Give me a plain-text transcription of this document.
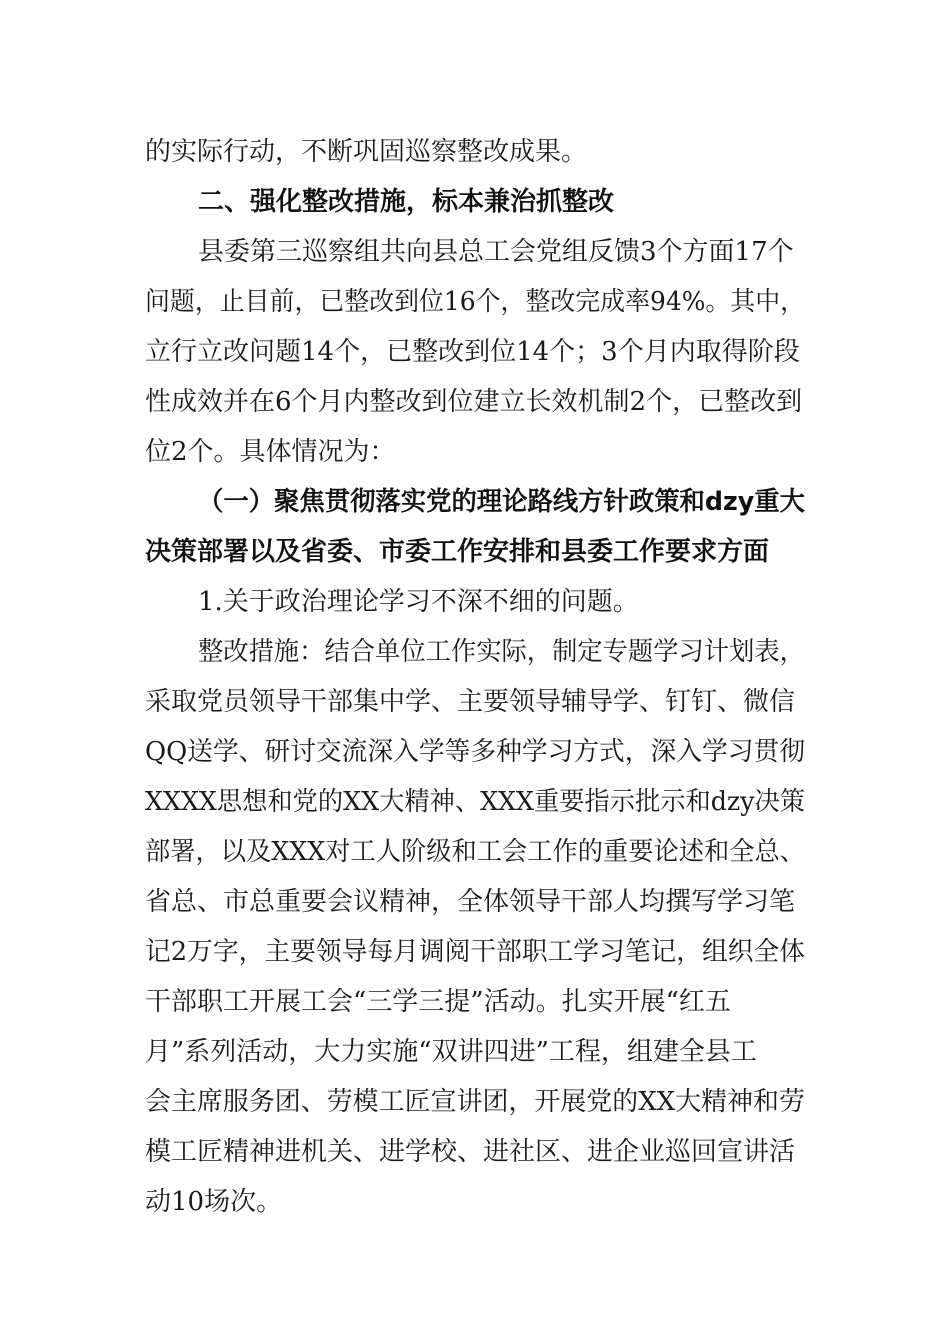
的实际行动，不断巩固巡察整改成果。
二、强化整改措施，标本兼治抓整改
县委第三巡察组共向县总工会党组反馈3个方面17个
问题，止目前，已整改到位16个，整改完成率94%。其中，
立行立改问题14个，已整改到位14个；3个月内取得阶段
性成效并在6个月内整改到位建立长效机制2个，已整改到
位2个。具体情况为：
（一）聚焦贯彻落实党的理论路线方针政策和dzy重大
决策部署以及省委、市委工作安排和县委工作要求方面
1.关于政治理论学习不深不细的问题。
整改措施：结合单位工作实际，制定专题学习计划表，
采取党员领导干部集中学、主要领导辅导学、钉钉、微信
QQ送学、研讨交流深入学等多种学习方式，深入学习贯彻
XXXX思想和党的XX大精神、XXX重要指示批示和dzy决策
部署，以及XXX对工人阶级和工会工作的重要论述和全总、
省总、市总重要会议精神，全体领导干部人均撰写学习笔
记2万字，主要领导每月调阅干部职工学习笔记，组织全体
干部职工开展工会“三学三提”活动。扎实开展“红五
月”系列活动，大力实施“双讲四进”工程，组建全县工
会主席服务团、劳模工匠宣讲团，开展党的XX大精神和劳
模工匠精神进机关、进学校、进社区、进企业巡回宣讲活
动10场次。
